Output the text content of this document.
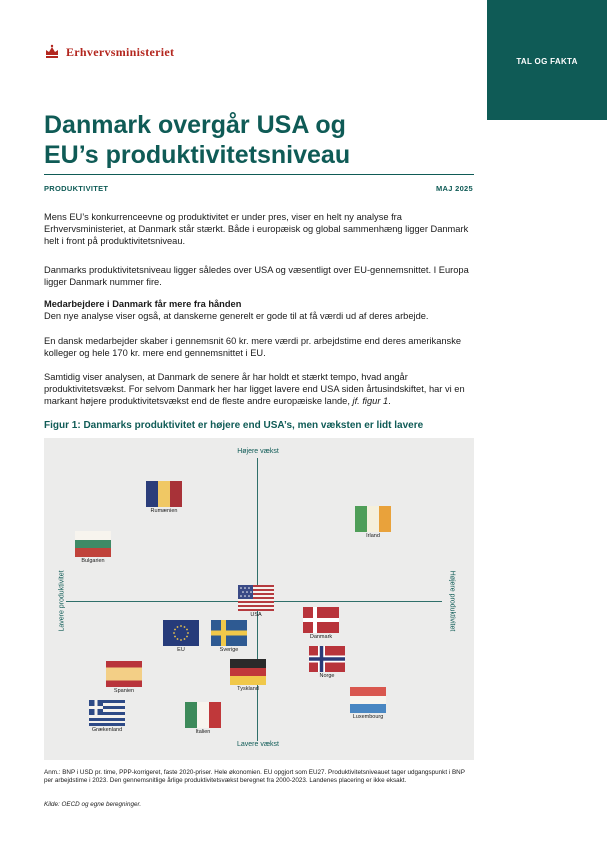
Erhvervsministeriet
TAL OG FAKTA
Danmark overgår USA og
EU’s produktivitetsniveau
PRODUKTIVITET	MAJ 2025

Mens EU’s konkurrenceevne og produktivitet er under pres, viser en helt ny analyse fra Erhvervsministeriet, at Danmark står stærkt. Både i europæisk og global sammenhæng ligger Danmark helt i front på produktivitetsniveau.

Danmarks produktivitetsniveau ligger således over USA og væsentligt over EU-gennemsnittet. I Europa ligger Danmark nummer fire.

Medarbejdere i Danmark får mere fra hånden
Den nye analyse viser også, at danskerne generelt er gode til at få værdi ud af deres arbejde.

En dansk medarbejder skaber i gennemsnit 60 kr. mere værdi pr. arbejdstime end deres amerikanske kolleger og hele 170 kr. mere end gennemsnittet i EU.

Samtidig viser analysen, at Danmark de senere år har holdt et stærkt tempo, hvad angår produktivitetsvækst. For selvom Danmark her har ligget lavere end USA siden årtusindskiftet, har vi en markant højere produktivitetsvækst end de fleste andre europæiske lande, jf. figur 1.

Figur 1: Danmarks produktivitet er højere end USA’s, men væksten er lidt lavere
Højere vækst
Lavere vækst
Lavere produktivitet	Højere produktivitet
Rumænien
Irland
Bulgarien
USA
Danmark
EU	Sverige
Norge
Tyskland
Spanien
Luxembourg
Grækenland	Italien

Anm.: BNP i USD pr. time, PPP-korrigeret, faste 2020-priser. Hele økonomien. EU opgjort som EU27. Produktivitetsniveauet tager udgangspunkt i BNP per arbejdstime i 2023. Den gennemsnitlige årlige produktivitetsvækst beregnet fra 2000-2023. Landenes placering er ikke eksakt.

Kilde: OECD og egne beregninger.
